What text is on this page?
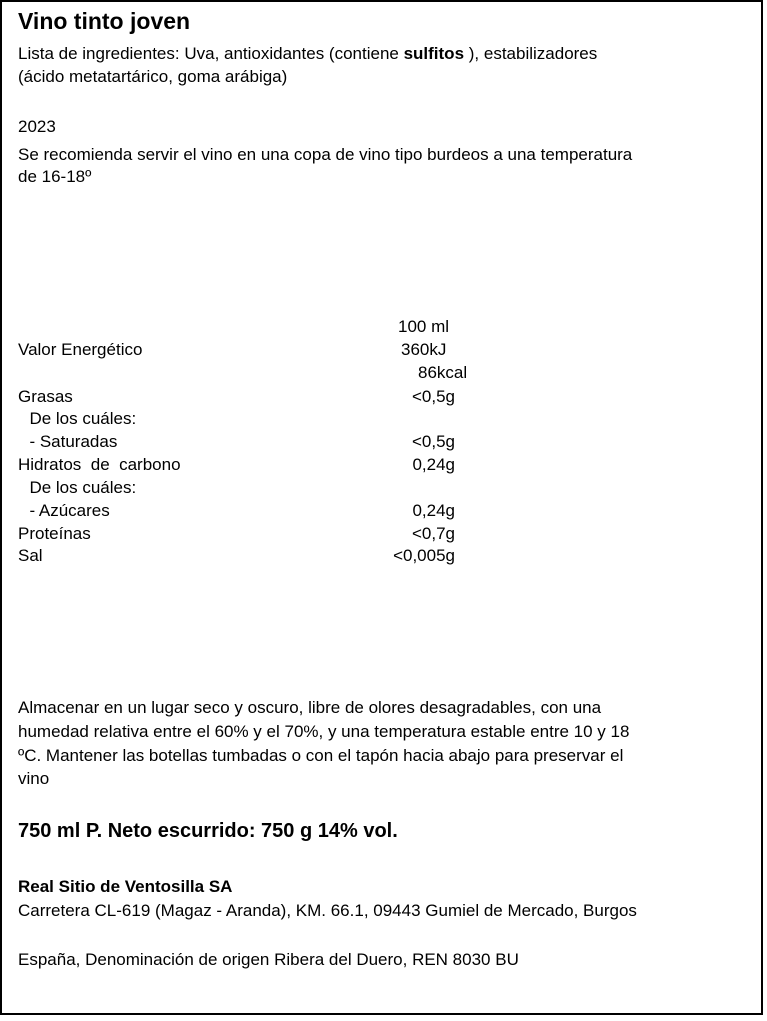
Vino tinto joven
Lista de ingredientes: Uva, antioxidantes (contiene sulfitos ), estabilizadores
(ácido metatartárico, goma arábiga)
2023
Se recomienda servir el vino en una copa de vino tipo burdeos a una temperatura
de 16-18º
100 ml
Valor Energético	360kJ
86kcal
Grasas	<0,5g
De los cuáles:
- Saturadas	<0,5g
Hidratos  de  carbono	0,24g
De los cuáles:
- Azúcares	0,24g
Proteínas	<0,7g
Sal	<0,005g
Almacenar en un lugar seco y oscuro, libre de olores desagradables, con una
humedad relativa entre el 60% y el 70%, y una temperatura estable entre 10 y 18
ºC. Mantener las botellas tumbadas o con el tapón hacia abajo para preservar el
vino
750 ml P. Neto escurrido: 750 g 14% vol.
Real Sitio de Ventosilla SA
Carretera CL-619 (Magaz - Aranda), KM. 66.1, 09443 Gumiel de Mercado, Burgos
España, Denominación de origen Ribera del Duero, REN 8030 BU
